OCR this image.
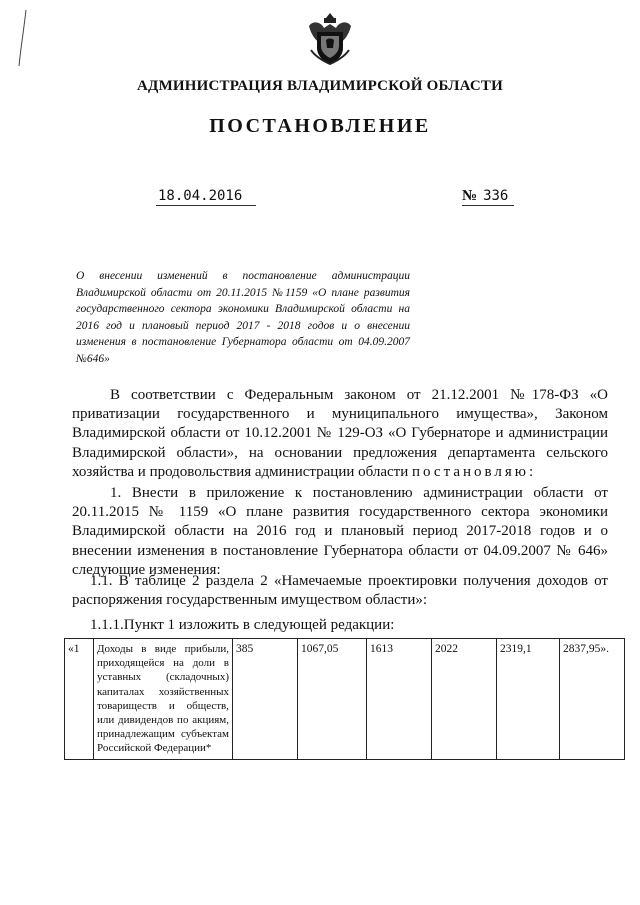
АДМИНИСТРАЦИЯ ВЛАДИМИРСКОЙ ОБЛАСТИ
ПОСТАНОВЛЕНИЕ
18.04.2016	№ 336
О внесении изменений в постановление администрации Владимирской области от 20.11.2015 №1159 «О плане развития государственного сектора экономики Владимирской области на 2016 год и плановый период 2017 - 2018 годов и о внесении изменения в постановление Губернатора области от 04.09.2007 №646»
В соответствии с Федеральным законом от 21.12.2001 №178-ФЗ «О приватизации государственного и муниципального имущества», Законом Владимирской области от 10.12.2001 № 129-ОЗ «О Губернаторе и администрации Владимирской области», на основании предложения департамента сельского хозяйства и продовольствия администрации области постановляю:
1. Внести в приложение к постановлению администрации области от 20.11.2015 № 1159 «О плане развития государственного сектора экономики Владимирской области на 2016 год и плановый период 2017-2018 годов и о внесении изменения в постановление Губернатора области от 04.09.2007 № 646» следующие изменения:
1.1. В таблице 2 раздела 2 «Намечаемые проектировки получения доходов от распоряжения государственным имуществом области»:
1.1.1.Пункт 1 изложить в следующей редакции:
«1	Доходы в виде прибыли, приходящейся на доли в уставных (складочных) капиталах хозяйственных товариществ и обществ, или дивидендов по акциям, принадлежащим субъектам Российской Федерации*	385	1067,05	1613	2022	2319,1	2837,95».
